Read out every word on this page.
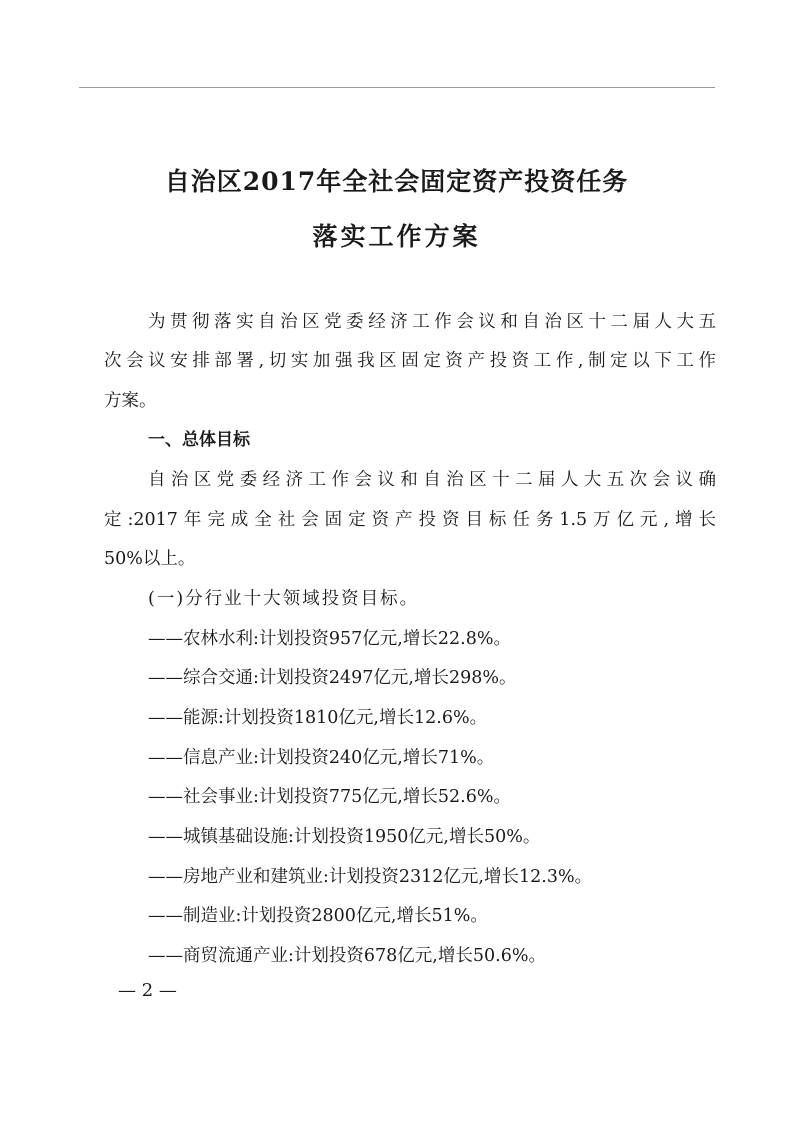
自治区2017年全社会固定资产投资任务
落实工作方案
为贯彻落实自治区党委经济工作会议和自治区十二届人大五
次会议安排部署,切实加强我区固定资产投资工作,制定以下工作
方案。
一、总体目标
自治区党委经济工作会议和自治区十二届人大五次会议确
定:2017年完成全社会固定资产投资目标任务1.5万亿元,增长
50%以上。
(一)分行业十大领域投资目标。
——农林水利:计划投资957亿元,增长22.8%。
——综合交通:计划投资2497亿元,增长298%。
——能源:计划投资1810亿元,增长12.6%。
——信息产业:计划投资240亿元,增长71%。
——社会事业:计划投资775亿元,增长52.6%。
——城镇基础设施:计划投资1950亿元,增长50%。
——房地产业和建筑业:计划投资2312亿元,增长12.3%。
——制造业:计划投资2800亿元,增长51%。
——商贸流通产业:计划投资678亿元,增长50.6%。
— 2 —
